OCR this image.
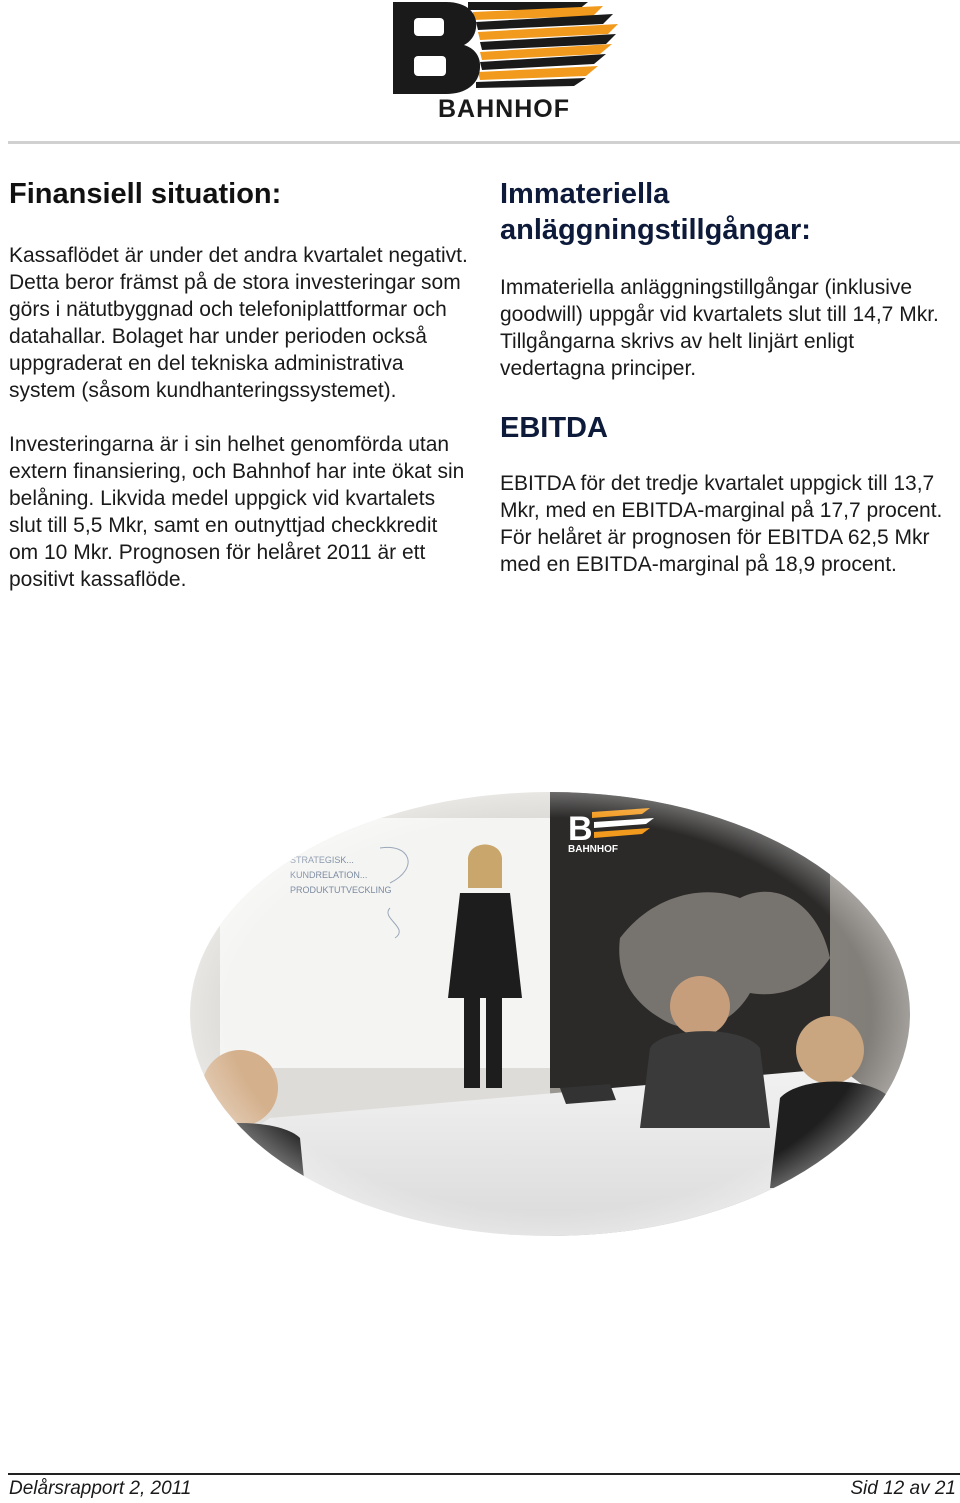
BAHNHOF
Finansiell situation:

Kassaflödet är under det andra kvartalet negativt. Detta beror främst på de stora investeringar som görs i nätutbyggnad och telefoniplattformar och datahallar. Bolaget har under perioden också uppgraderat en del tekniska administrativa system (såsom kundhanteringssystemet).

Investeringarna är i sin helhet genomförda utan extern finansiering, och Bahnhof har inte ökat sin belåning. Likvida medel uppgick vid kvartalets slut till 5,5 Mkr, samt en outnyttjad checkkredit om 10 Mkr. Prognosen för helåret 2011 är ett positivt kassaflöde.

Immateriella anläggningstillgångar:

Immateriella anläggningstillgångar (inklusive goodwill) uppgår vid kvartalets slut till 14,7 Mkr. Tillgångarna skrivs av helt linjärt enligt vedertagna principer.

EBITDA

EBITDA för det tredje kvartalet uppgick till 13,7 Mkr, med en EBITDA-marginal på 17,7 procent. För helåret är prognosen för EBITDA 62,5 Mkr med en EBITDA-marginal på 18,9 procent.

Delårsrapport 2, 2011	Sid 12 av 21
